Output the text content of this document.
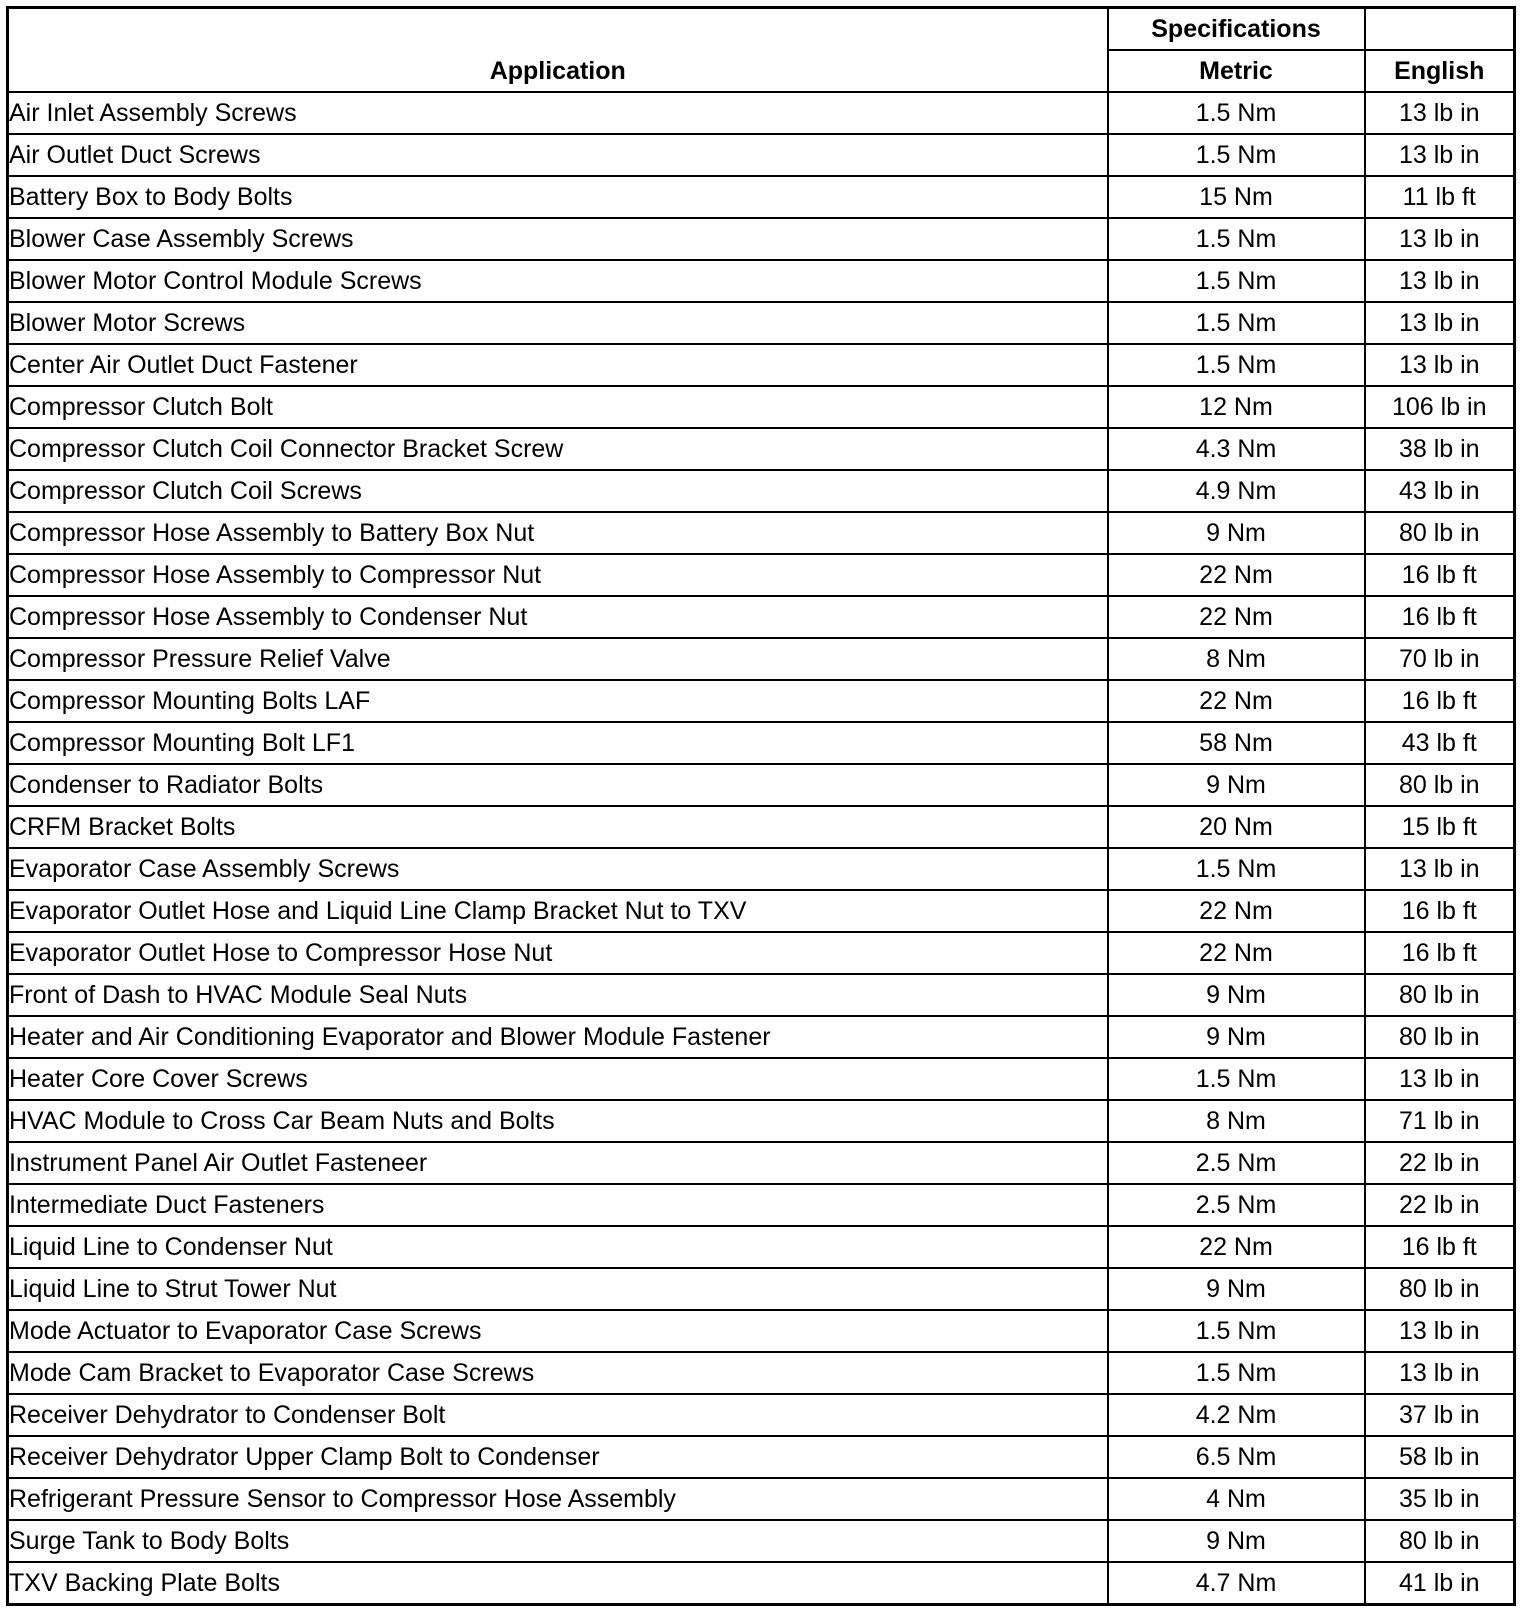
Application	Specifications	
	Metric	English
Air Inlet Assembly Screws	1.5 Nm	13 lb in
Air Outlet Duct Screws	1.5 Nm	13 lb in
Battery Box to Body Bolts	15 Nm	11 lb ft
Blower Case Assembly Screws	1.5 Nm	13 lb in
Blower Motor Control Module Screws	1.5 Nm	13 lb in
Blower Motor Screws	1.5 Nm	13 lb in
Center Air Outlet Duct Fastener	1.5 Nm	13 lb in
Compressor Clutch Bolt	12 Nm	106 lb in
Compressor Clutch Coil Connector Bracket Screw	4.3 Nm	38 lb in
Compressor Clutch Coil Screws	4.9 Nm	43 lb in
Compressor Hose Assembly to Battery Box Nut	9 Nm	80 lb in
Compressor Hose Assembly to Compressor Nut	22 Nm	16 lb ft
Compressor Hose Assembly to Condenser Nut	22 Nm	16 lb ft
Compressor Pressure Relief Valve	8 Nm	70 lb in
Compressor Mounting Bolts LAF	22 Nm	16 lb ft
Compressor Mounting Bolt LF1	58 Nm	43 lb ft
Condenser to Radiator Bolts	9 Nm	80 lb in
CRFM Bracket Bolts	20 Nm	15 lb ft
Evaporator Case Assembly Screws	1.5 Nm	13 lb in
Evaporator Outlet Hose and Liquid Line Clamp Bracket Nut to TXV	22 Nm	16 lb ft
Evaporator Outlet Hose to Compressor Hose Nut	22 Nm	16 lb ft
Front of Dash to HVAC Module Seal Nuts	9 Nm	80 lb in
Heater and Air Conditioning Evaporator and Blower Module Fastener	9 Nm	80 lb in
Heater Core Cover Screws	1.5 Nm	13 lb in
HVAC Module to Cross Car Beam Nuts and Bolts	8 Nm	71 lb in
Instrument Panel Air Outlet Fasteneer	2.5 Nm	22 lb in
Intermediate Duct Fasteners	2.5 Nm	22 lb in
Liquid Line to Condenser Nut	22 Nm	16 lb ft
Liquid Line to Strut Tower Nut	9 Nm	80 lb in
Mode Actuator to Evaporator Case Screws	1.5 Nm	13 lb in
Mode Cam Bracket to Evaporator Case Screws	1.5 Nm	13 lb in
Receiver Dehydrator to Condenser Bolt	4.2 Nm	37 lb in
Receiver Dehydrator Upper Clamp Bolt to Condenser	6.5 Nm	58 lb in
Refrigerant Pressure Sensor to Compressor Hose Assembly	4 Nm	35 lb in
Surge Tank to Body Bolts	9 Nm	80 lb in
TXV Backing Plate Bolts	4.7 Nm	41 lb in
